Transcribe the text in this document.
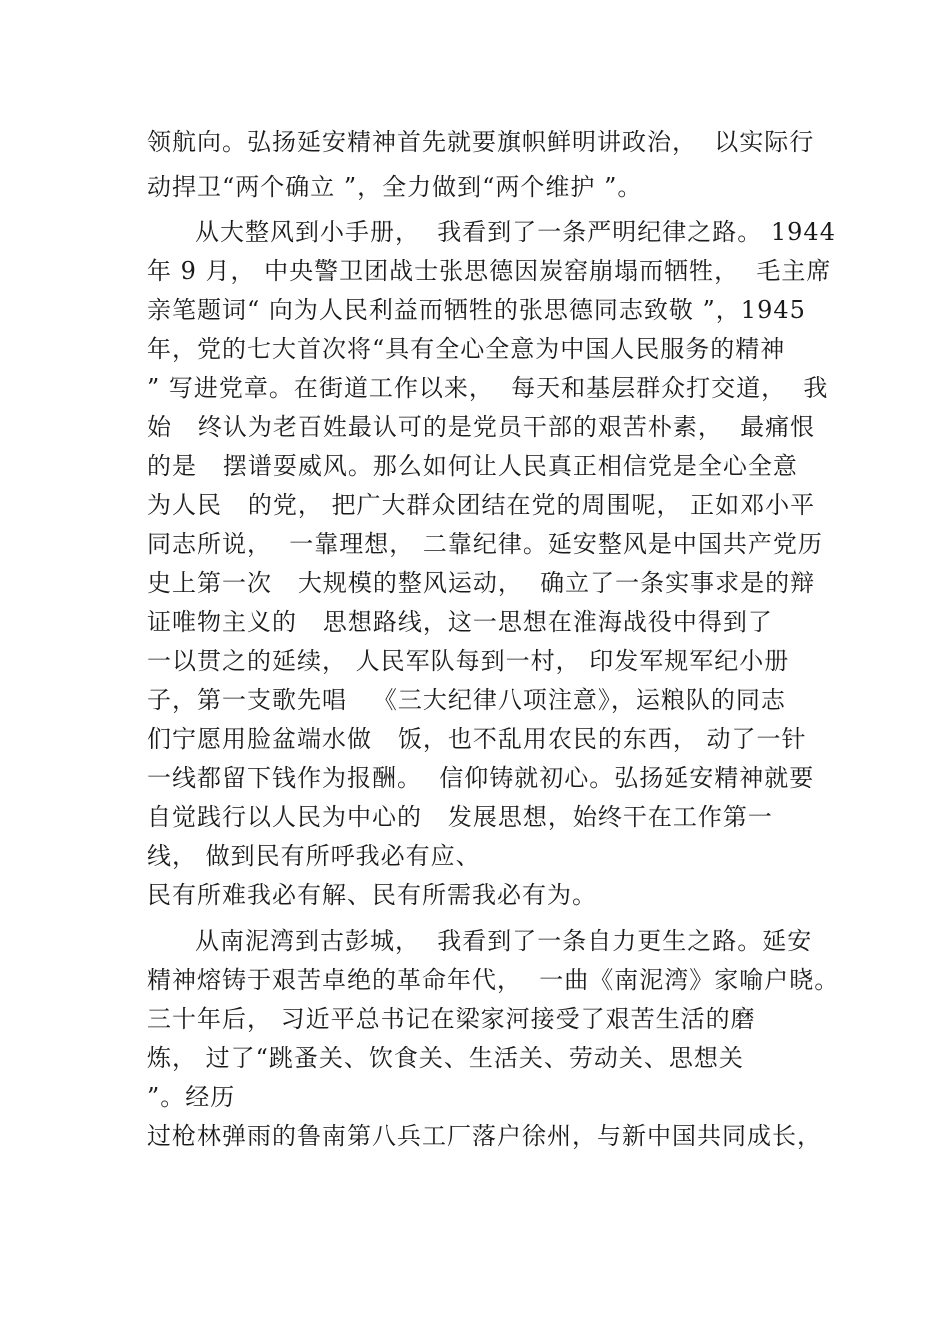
领航向。弘扬延安精神首先就要旗帜鲜明讲政治，  以实际行
动捍卫“两个确立 ”，全力做到“两个维护 ”。
从大整风到小手册，  我看到了一条严明纪律之路。 1944
年 9 月， 中央警卫团战士张思德因炭窑崩塌而牺牲，  毛主席
亲笔题词“ 向为人民利益而牺牲的张思德同志致敬 ”，1945
年，党的七大首次将“具有全心全意为中国人民服务的精神
” 写进党章。在街道工作以来，  每天和基层群众打交道，  我
始   终认为老百姓最认可的是党员干部的艰苦朴素，  最痛恨
的是   摆谱耍威风。那么如何让人民真正相信党是全心全意
为人民   的党， 把广大群众团结在党的周围呢， 正如邓小平
同志所说，  一靠理想， 二靠纪律。延安整风是中国共产党历
史上第一次   大规模的整风运动，  确立了一条实事求是的辩
证唯物主义的   思想路线，这一思想在淮海战役中得到了
一以贯之的延续， 人民军队每到一村， 印发军规军纪小册
子，第一支歌先唱   《三大纪律八项注意》，运粮队的同志
们宁愿用脸盆端水做   饭，也不乱用农民的东西， 动了一针
一线都留下钱作为报酬。  信仰铸就初心。弘扬延安精神就要
自觉践行以人民为中心的   发展思想，始终干在工作第一
线， 做到民有所呼我必有应、
民有所难我必有解、民有所需我必有为。
从南泥湾到古彭城，  我看到了一条自力更生之路。延安
精神熔铸于艰苦卓绝的革命年代，  一曲《南泥湾》家喻户晓。
三十年后， 习近平总书记在梁家河接受了艰苦生活的磨
炼， 过了“跳蚤关、饮食关、生活关、劳动关、思想关
”。经历
过枪林弹雨的鲁南第八兵工厂落户徐州，与新中国共同成长，
